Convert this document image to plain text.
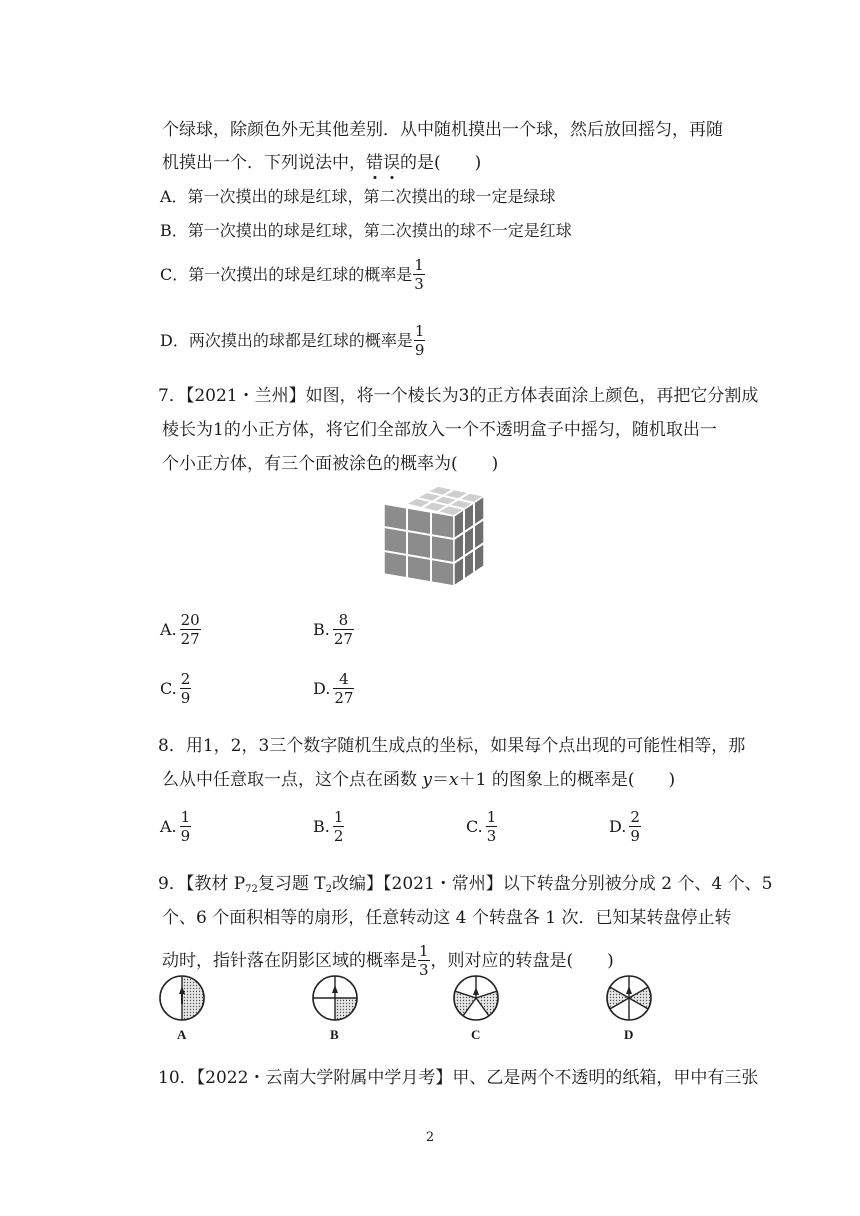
个绿球，除颜色外无其他差别．从中随机摸出一个球，然后放回摇匀，再随
机摸出一个．下列说法中，错误的是(　　)
A．第一次摸出的球是红球，第二次摸出的球一定是绿球
B．第一次摸出的球是红球，第二次摸出的球不一定是红球
C．第一次摸出的球是红球的概率是 $\frac{1}{3}$
D．两次摸出的球都是红球的概率是 $\frac{1}{9}$
7．【2021・兰州】如图，将一个棱长为3的正方体表面涂上颜色，再把它分割成
棱长为1的小正方体，将它们全部放入一个不透明盒子中摇匀，随机取出一
个小正方体，有三个面被涂色的概率为(　　)
A. $\frac{20}{27}$	B. $\frac{8}{27}$
C. $\frac{2}{9}$	D. $\frac{4}{27}$
8．用1，2，3三个数字随机生成点的坐标，如果每个点出现的可能性相等，那
么从中任意取一点，这个点在函数 y＝x＋1 的图象上的概率是(　　)
A. $\frac{1}{9}$	B. $\frac{1}{2}$	C. $\frac{1}{3}$	D. $\frac{2}{9}$
9．【教材 $P_{72}$复习题 $T_2$改编】【2021・常州】以下转盘分别被分成 2 个、4 个、5
个、6 个面积相等的扇形，任意转动这 4 个转盘各 1 次．已知某转盘停止转
动时，指针落在阴影区域的概率是 $\frac{1}{3}$ ，则对应的转盘是(　　)
A	B	C	D
10．【2022・云南大学附属中学月考】甲、乙是两个不透明的纸箱，甲中有三张
2
